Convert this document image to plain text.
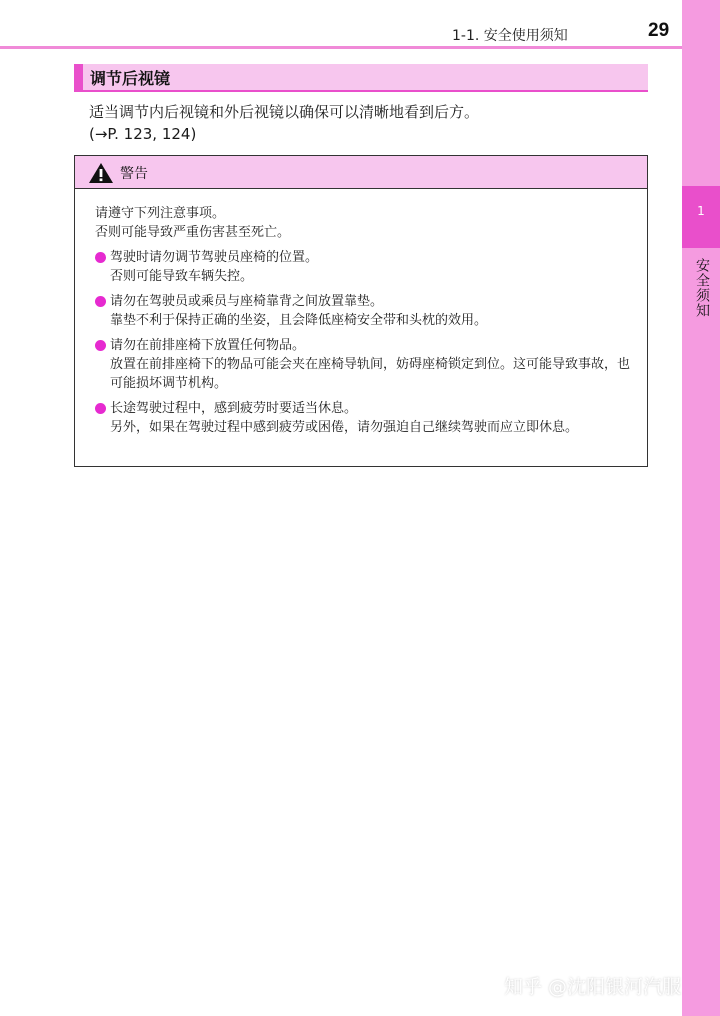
1-1. 安全使用须知	29
1
安全须知
调节后视镜
适当调节内后视镜和外后视镜以确保可以清晰地看到后方。
(→P. 123, 124)
警告
请遵守下列注意事项。
否则可能导致严重伤害甚至死亡。
驾驶时请勿调节驾驶员座椅的位置。
否则可能导致车辆失控。
请勿在驾驶员或乘员与座椅靠背之间放置靠垫。
靠垫不利于保持正确的坐姿，且会降低座椅安全带和头枕的效用。
请勿在前排座椅下放置任何物品。
放置在前排座椅下的物品可能会夹在座椅导轨间，妨碍座椅锁定到位。这可能导致事故，也可能损坏调节机构。
长途驾驶过程中，感到疲劳时要适当休息。
另外，如果在驾驶过程中感到疲劳或困倦，请勿强迫自己继续驾驶而应立即休息。
知乎 @沈阳银河汽服
